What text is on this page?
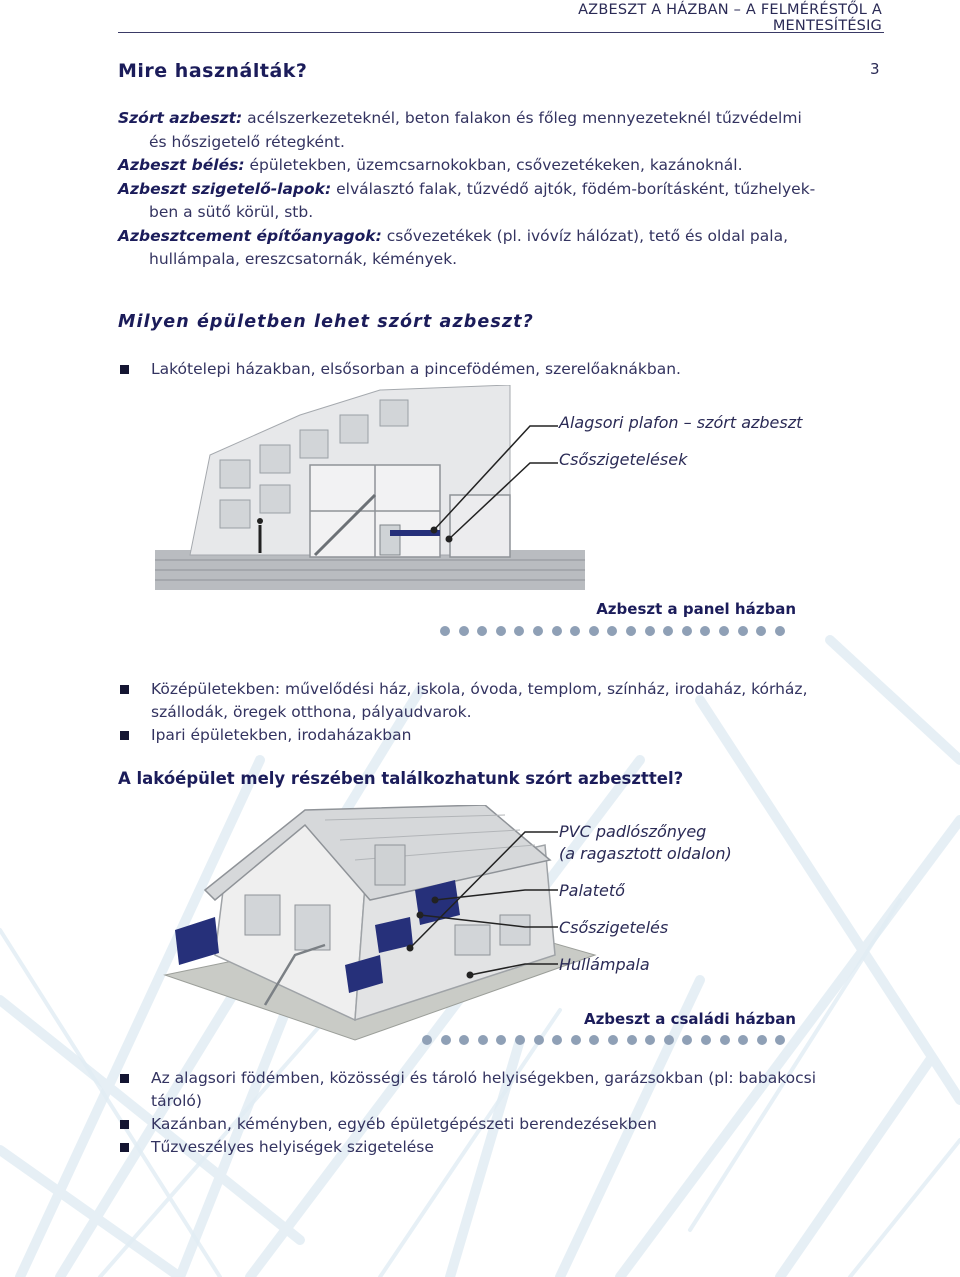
AZBESZT A HÁZBAN – A FELMÉRÉSTŐL A MENTESÍTÉSIG
3
Mire használták?

Szórt azbeszt: acélszerkezeteknél, beton falakon és főleg mennyezeteknél tűzvédelmi

és hőszigetelő rétegként.

Azbeszt bélés: épületekben, üzemcsarnokokban, csővezetékeken, kazánoknál.

Azbeszt szigetelő-lapok: elválasztó falak, tűzvédő ajtók, födém-borításként, tűzhelyek-

ben a sütő körül, stb.

Azbesztcement építőanyagok: csővezetékek (pl. ivóvíz hálózat), tető és oldal pala,

hullámpala, ereszcsatornák, kémények.

Milyen épületben lehet szórt azbeszt?
Lakótelepi házakban, elsősorban a pincefödémen, szerelőaknákban.
Alagsori plafon – szórt azbeszt
Csőszigetelések
Azbeszt a panel házban
Középületekben: művelődési ház, iskola, óvoda, templom, színház, irodaház, kórház,
szállodák, öregek otthona, pályaudvarok.
Ipari épületekben, irodaházakban
A lakóépület mely részében találkozhatunk szórt azbeszttel?
PVC padlószőnyeg
(a ragasztott oldalon)
Palatető
Csőszigetelés
Hullámpala
Azbeszt a családi házban
Az alagsori födémben, közösségi és tároló helyiségekben, garázsokban (pl: babakocsi
tároló)
Kazánban, kéményben, egyéb épületgépészeti berendezésekben
Tűzveszélyes helyiségek szigetelése
